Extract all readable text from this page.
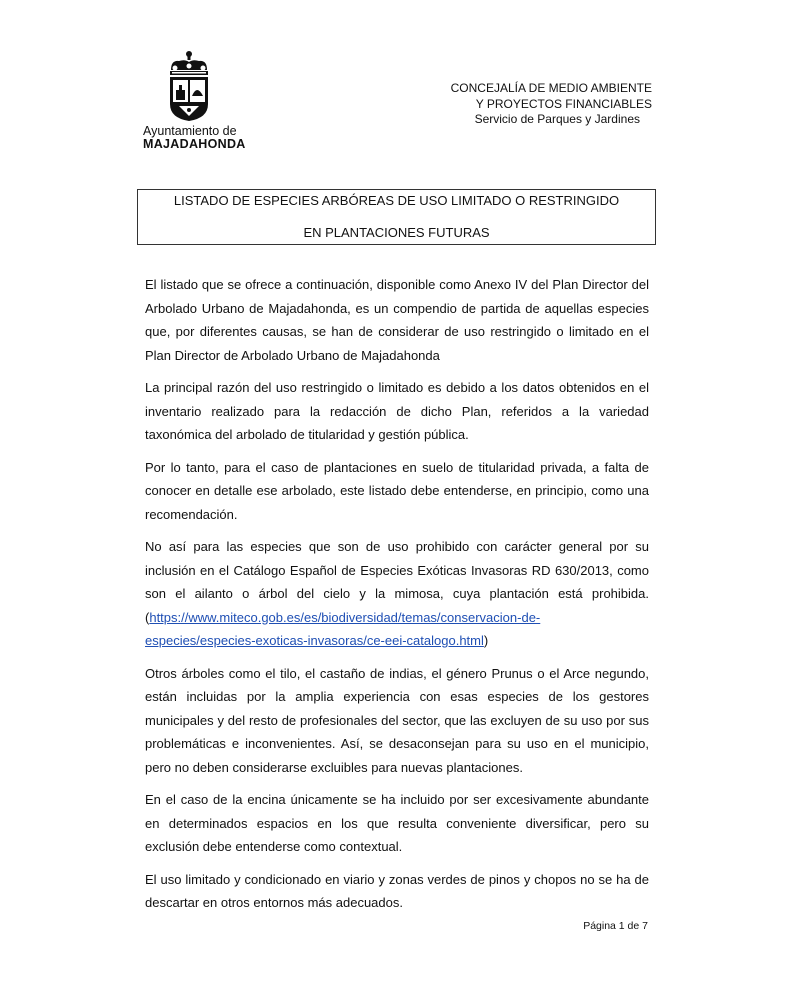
Ayuntamiento de
MAJADAHONDA
CONCEJALÍA DE MEDIO AMBIENTE
Y PROYECTOS FINANCIABLES
Servicio de Parques y Jardines
LISTADO DE ESPECIES ARBÓREAS DE USO LIMITADO O RESTRINGIDO
EN PLANTACIONES FUTURAS

El listado que se ofrece a continuación, disponible como Anexo IV del Plan Director del Arbolado Urbano de Majadahonda, es un compendio de partida de aquellas especies que, por diferentes causas, se han de considerar de uso restringido o limitado en el Plan Director de Arbolado Urbano de Majadahonda

La principal razón del uso restringido o limitado es debido a los datos obtenidos en el inventario realizado para la redacción de dicho Plan, referidos a la variedad taxonómica del arbolado de titularidad y gestión pública.

Por lo tanto, para el caso de plantaciones en suelo de titularidad privada, a falta de conocer en detalle ese arbolado, este listado debe entenderse, en principio, como una recomendación.

No así para las especies que son de uso prohibido con carácter general por su inclusión en el Catálogo Español de Especies Exóticas Invasoras RD 630/2013, como son el ailanto o árbol del cielo y la mimosa, cuya plantación está prohibida. (https://www.miteco.gob.es/es/biodiversidad/temas/conservacion-de-especies/especies-exoticas-invasoras/ce-eei-catalogo.html)

Otros árboles como el tilo, el castaño de indias, el género Prunus o el Arce negundo, están incluidas por la amplia experiencia con esas especies de los gestores municipales y del resto de profesionales del sector, que las excluyen de su uso por sus problemáticas e inconvenientes. Así, se desaconsejan para su uso en el municipio, pero no deben considerarse excluibles para nuevas plantaciones.

En el caso de la encina únicamente se ha incluido por ser excesivamente abundante en determinados espacios en los que resulta conveniente diversificar, pero su exclusión debe entenderse como contextual.

El uso limitado y condicionado en viario y zonas verdes de pinos y chopos no se ha de descartar en otros entornos más adecuados.

Página 1 de 7
